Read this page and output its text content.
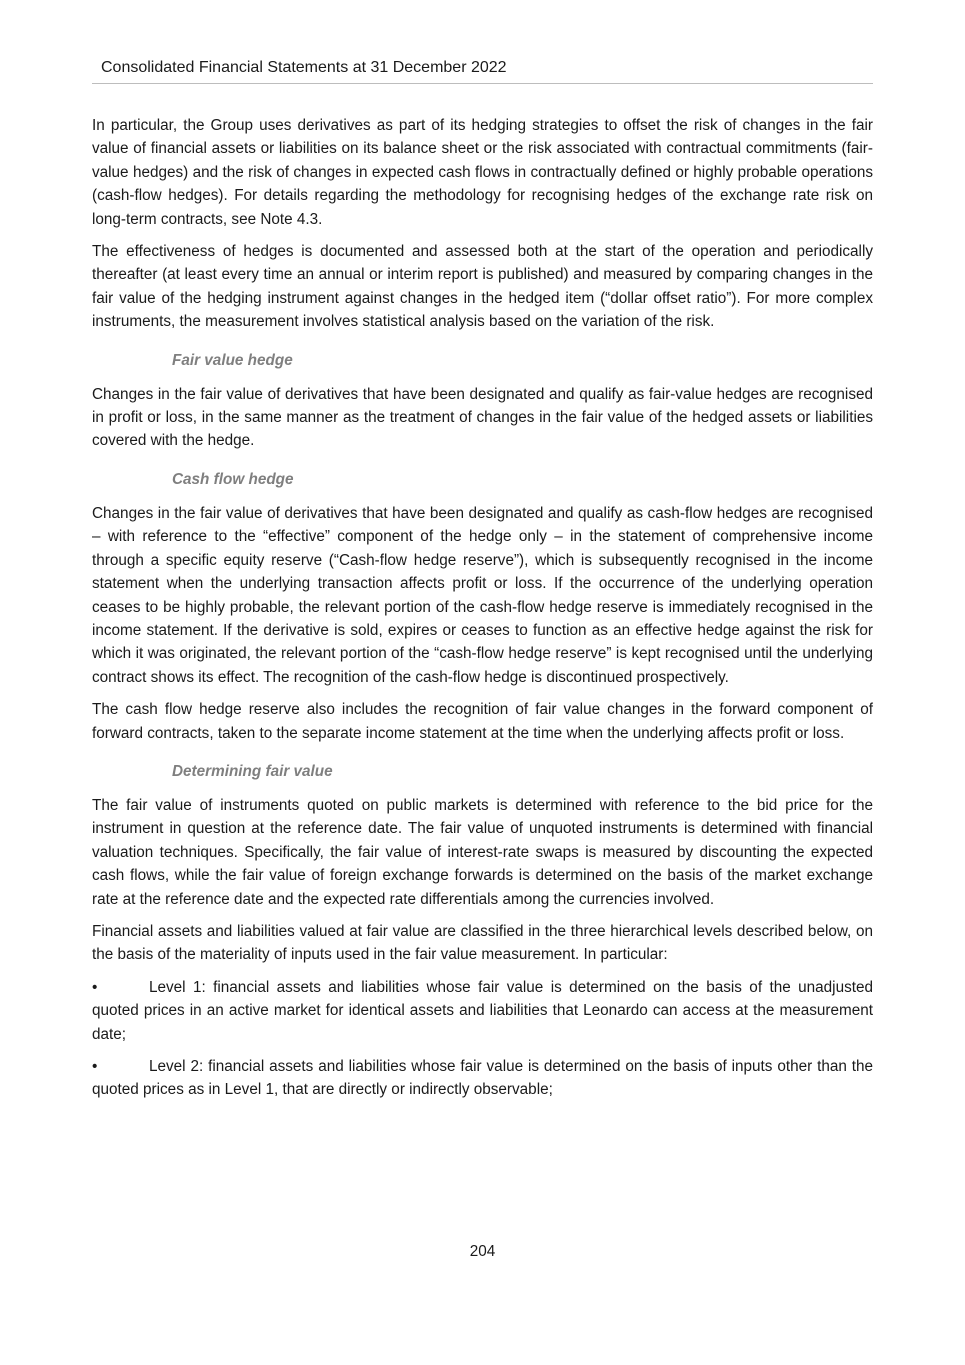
Consolidated Financial Statements at 31 December 2022

In particular, the Group uses derivatives as part of its hedging strategies to offset the risk of changes in the fair value of financial assets or liabilities on its balance sheet or the risk associated with contractual commitments (fair-value hedges) and the risk of changes in expected cash flows in contractually defined or highly probable operations (cash-flow hedges). For details regarding the methodology for recognising hedges of the exchange rate risk on long-term contracts, see Note 4.3.

The effectiveness of hedges is documented and assessed both at the start of the operation and periodically thereafter (at least every time an annual or interim report is published) and measured by comparing changes in the fair value of the hedging instrument against changes in the hedged item (“dollar offset ratio”). For more complex instruments, the measurement involves statistical analysis based on the variation of the risk.

Fair value hedge

Changes in the fair value of derivatives that have been designated and qualify as fair-value hedges are recognised in profit or loss, in the same manner as the treatment of changes in the fair value of the hedged assets or liabilities covered with the hedge.

Cash flow hedge

Changes in the fair value of derivatives that have been designated and qualify as cash-flow hedges are recognised – with reference to the “effective” component of the hedge only – in the statement of comprehensive income through a specific equity reserve (“Cash-flow hedge reserve”), which is subsequently recognised in the income statement when the underlying transaction affects profit or loss. If the occurrence of the underlying operation ceases to be highly probable, the relevant portion of the cash-flow hedge reserve is immediately recognised in the income statement. If the derivative is sold, expires or ceases to function as an effective hedge against the risk for which it was originated, the relevant portion of the “cash-flow hedge reserve” is kept recognised until the underlying contract shows its effect. The recognition of the cash-flow hedge is discontinued prospectively.

The cash flow hedge reserve also includes the recognition of fair value changes in the forward component of forward contracts, taken to the separate income statement at the time when the underlying affects profit or loss.

Determining fair value

The fair value of instruments quoted on public markets is determined with reference to the bid price for the instrument in question at the reference date. The fair value of unquoted instruments is determined with financial valuation techniques. Specifically, the fair value of interest-rate swaps is measured by discounting the expected cash flows, while the fair value of foreign exchange forwards is determined on the basis of the market exchange rate at the reference date and the expected rate differentials among the currencies involved.

Financial assets and liabilities valued at fair value are classified in the three hierarchical levels described below, on the basis of the materiality of inputs used in the fair value measurement. In particular:

•	Level 1: financial assets and liabilities whose fair value is determined on the basis of the unadjusted quoted prices in an active market for identical assets and liabilities that Leonardo can access at the measurement date;

•	Level 2: financial assets and liabilities whose fair value is determined on the basis of inputs other than the quoted prices as in Level 1, that are directly or indirectly observable;

204
